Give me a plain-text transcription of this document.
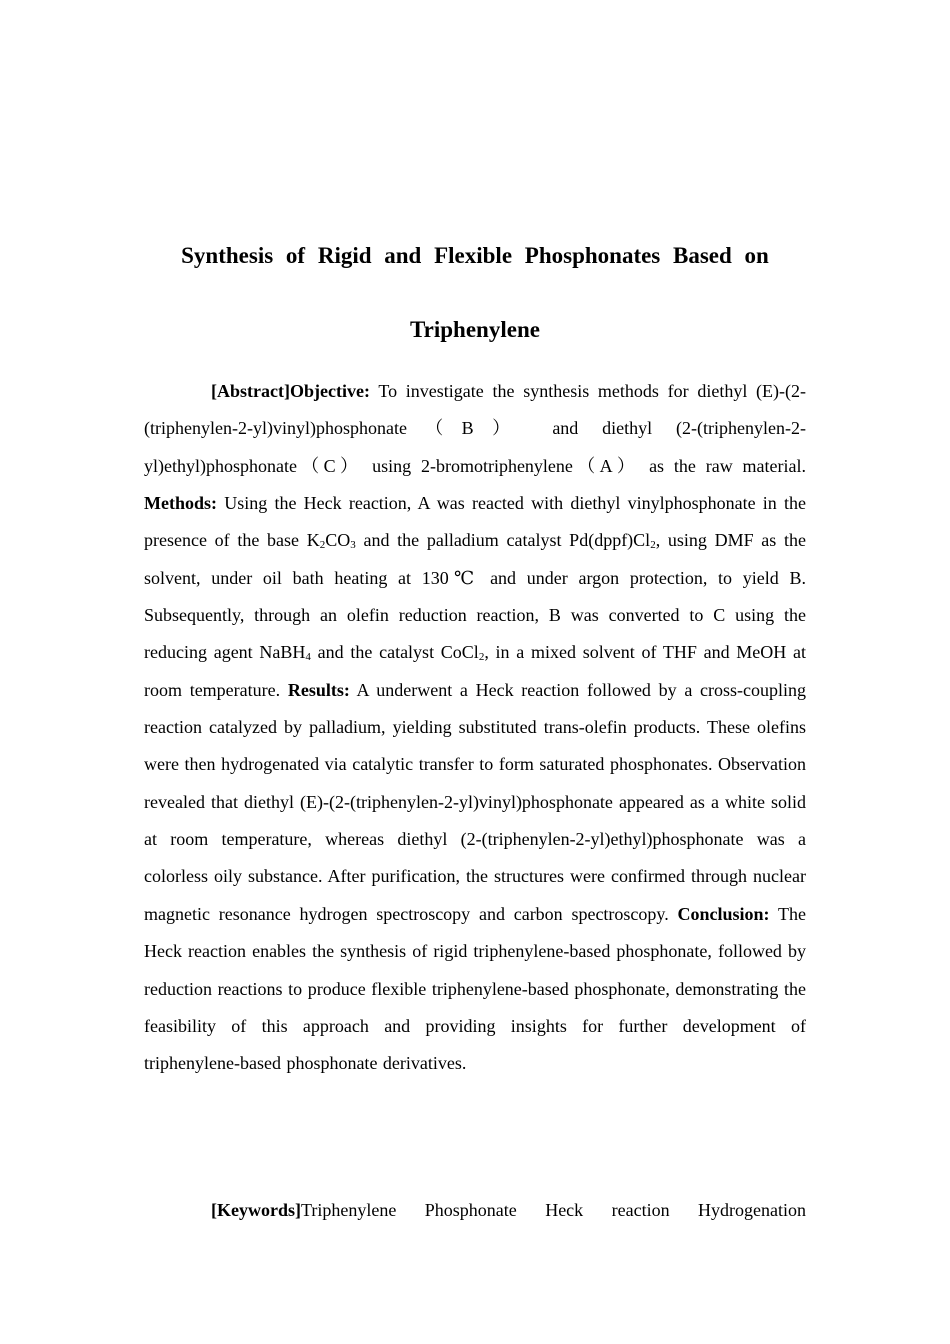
Synthesis of Rigid and Flexible Phosphonates Based on Triphenylene

[Abstract]Objective: To investigate the synthesis methods for diethyl (E)-(2-(triphenylen-2-yl)vinyl)phosphonate（B） and diethyl (2-(triphenylen-2-yl)ethyl)phosphonate（C） using 2-bromotriphenylene（A） as the raw material. Methods: Using the Heck reaction, A was reacted with diethyl vinylphosphonate in the presence of the base $K_2CO_3$ and the palladium catalyst $Pd(dppf)Cl_2$, using DMF as the solvent, under oil bath heating at 130℃ and under argon protection, to yield B. Subsequently, through an olefin reduction reaction, B was converted to C using the reducing agent NaBH$_4$ and the catalyst CoCl$_2$, in a mixed solvent of THF and MeOH at room temperature. Results: A underwent a Heck reaction followed by a cross-coupling reaction catalyzed by palladium, yielding substituted trans-olefin products. These olefins were then hydrogenated via catalytic transfer to form saturated phosphonates. Observation revealed that diethyl (E)-(2-(triphenylen-2-yl)vinyl)phosphonate appeared as a white solid at room temperature, whereas diethyl (2-(triphenylen-2-yl)ethyl)phosphonate was a colorless oily substance. After purification, the structures were confirmed through nuclear magnetic resonance hydrogen spectroscopy and carbon spectroscopy. Conclusion: The Heck reaction enables the synthesis of rigid triphenylene-based phosphonate, followed by reduction reactions to produce flexible triphenylene-based phosphonate, demonstrating the feasibility of this approach and providing insights for further development of triphenylene-based phosphonate derivatives.

[Keywords]Triphenylene Phosphonate Heck reaction Hydrogenation
